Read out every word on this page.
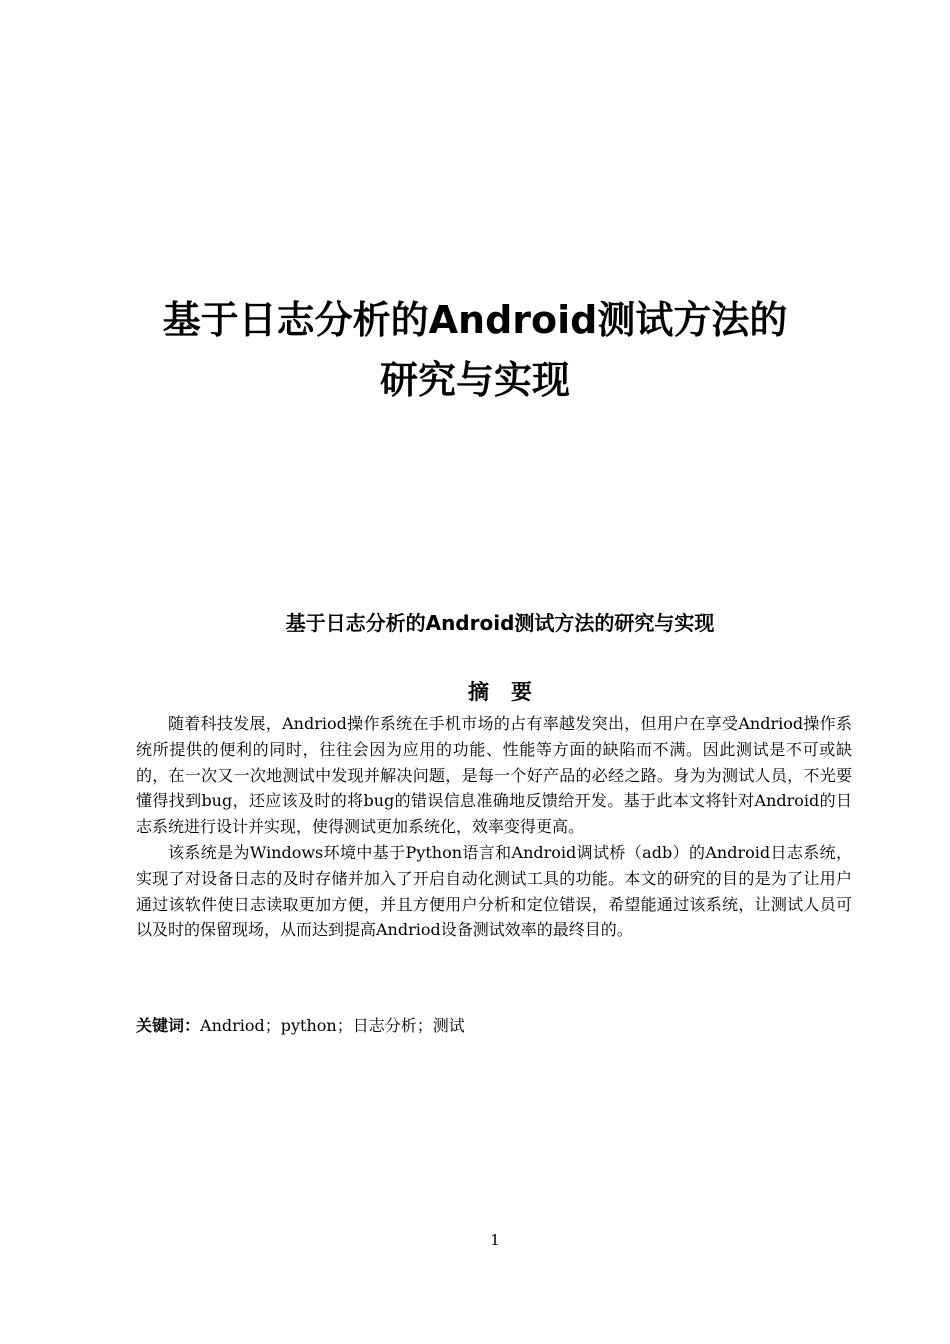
基于日志分析的Android测试方法的
研究与实现
基于日志分析的Android测试方法的研究与实现
摘要

随着科技发展，Andriod操作系统在手机市场的占有率越发突出，但用户在享受Andriod操作系统所提供的便利的同时，往往会因为应用的功能、性能等方面的缺陷而不满。因此测试是不可或缺的，在一次又一次地测试中发现并解决问题，是每一个好产品的必经之路。身为为测试人员，不光要懂得找到bug，还应该及时的将bug的错误信息准确地反馈给开发。基于此本文将针对Android的日志系统进行设计并实现，使得测试更加系统化，效率变得更高。

该系统是为Windows环境中基于Python语言和Android调试桥（adb）的Android日志系统，实现了对设备日志的及时存储并加入了开启自动化测试工具的功能。本文的研究的目的是为了让用户通过该软件使日志读取更加方便，并且方便用户分析和定位错误，希望能通过该系统，让测试人员可以及时的保留现场，从而达到提高Andriod设备测试效率的最终目的。

关键词：Andriod；python；日志分析；测试

1
